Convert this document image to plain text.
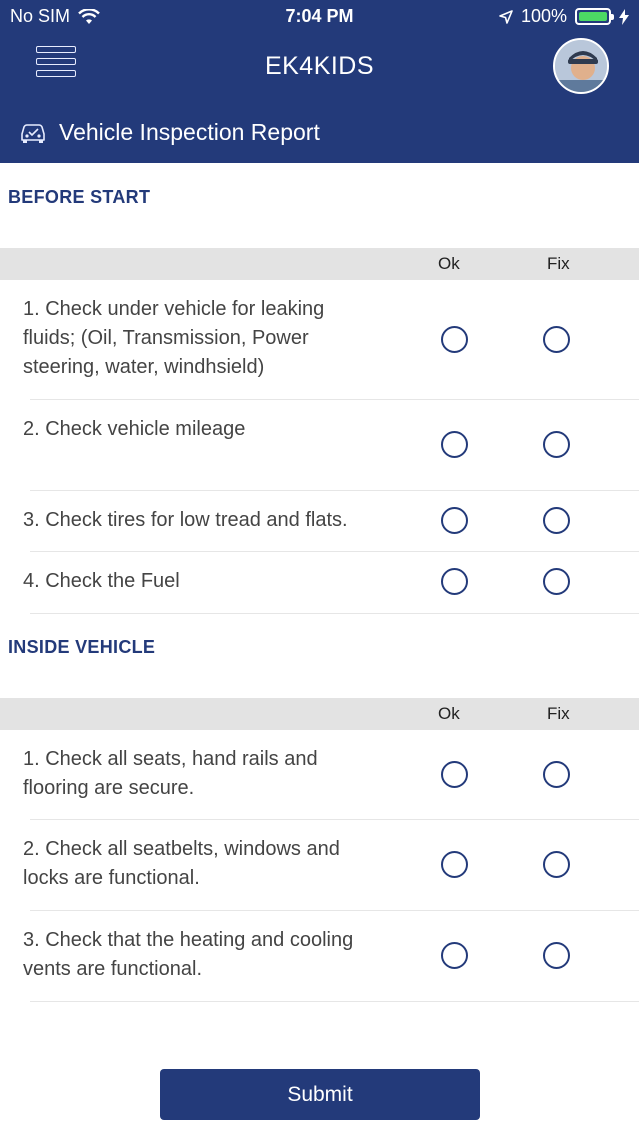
No SIM	7:04 PM	100%
EK4KIDS
Vehicle Inspection Report
BEFORE START
Ok	Fix
1. Check under vehicle for leaking
fluids; (Oil, Transmission, Power
steering, water, windhsield)
2. Check vehicle mileage
3. Check tires for low tread and flats.
4. Check the Fuel
INSIDE VEHICLE
Ok	Fix
1. Check all seats, hand rails and
flooring are secure.
2. Check all seatbelts, windows and
locks are functional.
3. Check that the heating and cooling
vents are functional.
Submit
